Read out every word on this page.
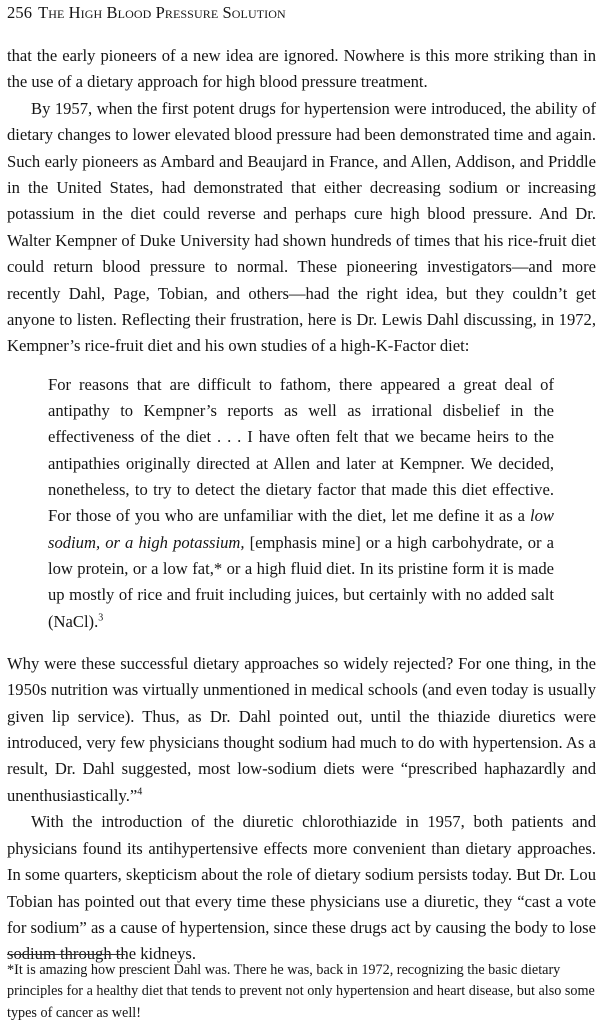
256 The High Blood Pressure Solution

that the early pioneers of a new idea are ignored. Nowhere is this more striking than in the use of a dietary approach for high blood pressure treatment.

By 1957, when the first potent drugs for hypertension were introduced, the ability of dietary changes to lower elevated blood pressure had been demonstrated time and again. Such early pioneers as Ambard and Beaujard in France, and Allen, Addison, and Priddle in the United States, had demonstrated that either decreasing sodium or increasing potassium in the diet could reverse and perhaps cure high blood pressure. And Dr. Walter Kempner of Duke University had shown hundreds of times that his rice-fruit diet could return blood pressure to normal. These pioneering investigators—and more recently Dahl, Page, Tobian, and others—had the right idea, but they couldn’t get anyone to listen. Reflecting their frustration, here is Dr. Lewis Dahl discussing, in 1972, Kempner’s rice-fruit diet and his own studies of a high-K-Factor diet:

For reasons that are difficult to fathom, there appeared a great deal of antipathy to Kempner’s reports as well as irrational disbelief in the effectiveness of the diet . . . I have often felt that we became heirs to the antipathies originally directed at Allen and later at Kempner. We decided, nonetheless, to try to detect the dietary factor that made this diet effective. For those of you who are unfamiliar with the diet, let me define it as a low sodium, or a high potassium, [emphasis mine] or a high carbohydrate, or a low protein, or a low fat,* or a high fluid diet. In its pristine form it is made up mostly of rice and fruit including juices, but certainly with no added salt (NaCl).$^3$

Why were these successful dietary approaches so widely rejected? For one thing, in the 1950s nutrition was virtually unmentioned in medical schools (and even today is usually given lip service). Thus, as Dr. Dahl pointed out, until the thiazide diuretics were introduced, very few physicians thought sodium had much to do with hypertension. As a result, Dr. Dahl suggested, most low-sodium diets were “prescribed haphazardly and unenthusiastically.”$^4$

With the introduction of the diuretic chlorothiazide in 1957, both patients and physicians found its antihypertensive effects more convenient than dietary approaches. In some quarters, skepticism about the role of dietary sodium persists today. But Dr. Lou Tobian has pointed out that every time these physicians use a diuretic, they “cast a vote for sodium” as a cause of hypertension, since these drugs act by causing the body to lose sodium through the kidneys.

*It is amazing how prescient Dahl was. There he was, back in 1972, recognizing the basic dietary principles for a healthy diet that tends to prevent not only hypertension and heart disease, but also some types of cancer as well!
